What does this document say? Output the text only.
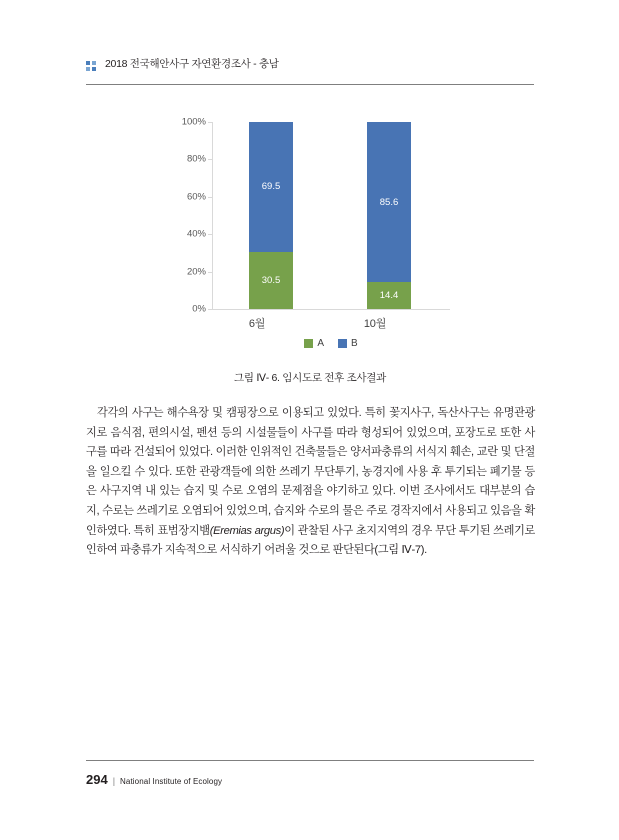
2018 전국해안사구 자연환경조사 - 충남
100%
80%
60%
40%
20%
0%
30.5
69.5
14.4
85.6
6월	10월
A	B
그림 Ⅳ- 6. 임시도로 전후 조사결과

각각의 사구는 해수욕장 및 캠핑장으로 이용되고 있었다. 특히 꽃지사구, 독산사구는 유명관광지로 음식점, 편의시설, 펜션 등의 시설물들이 사구를 따라 형성되어 있었으며, 포장도로 또한 사구를 따라 건설되어 있었다. 이러한 인위적인 건축물들은 양서파충류의 서식지 훼손, 교란 및 단절을 일으킬 수 있다. 또한 관광객들에 의한 쓰레기 무단투기, 농경지에 사용 후 투기되는 폐기물 등은 사구지역 내 있는 습지 및 수로 오염의 문제점을 야기하고 있다. 이번 조사에서도 대부분의 습지, 수로는 쓰레기로 오염되어 있었으며, 습지와 수로의 물은 주로 경작지에서 사용되고 있음을 확인하였다. 특히 표범장지뱀(Eremias argus)이 관찰된 사구 초지지역의 경우 무단 투기된 쓰레기로 인하여 파충류가 지속적으로 서식하기 어려울 것으로 판단된다(그림 Ⅳ-7).

294 | National Institute of Ecology
